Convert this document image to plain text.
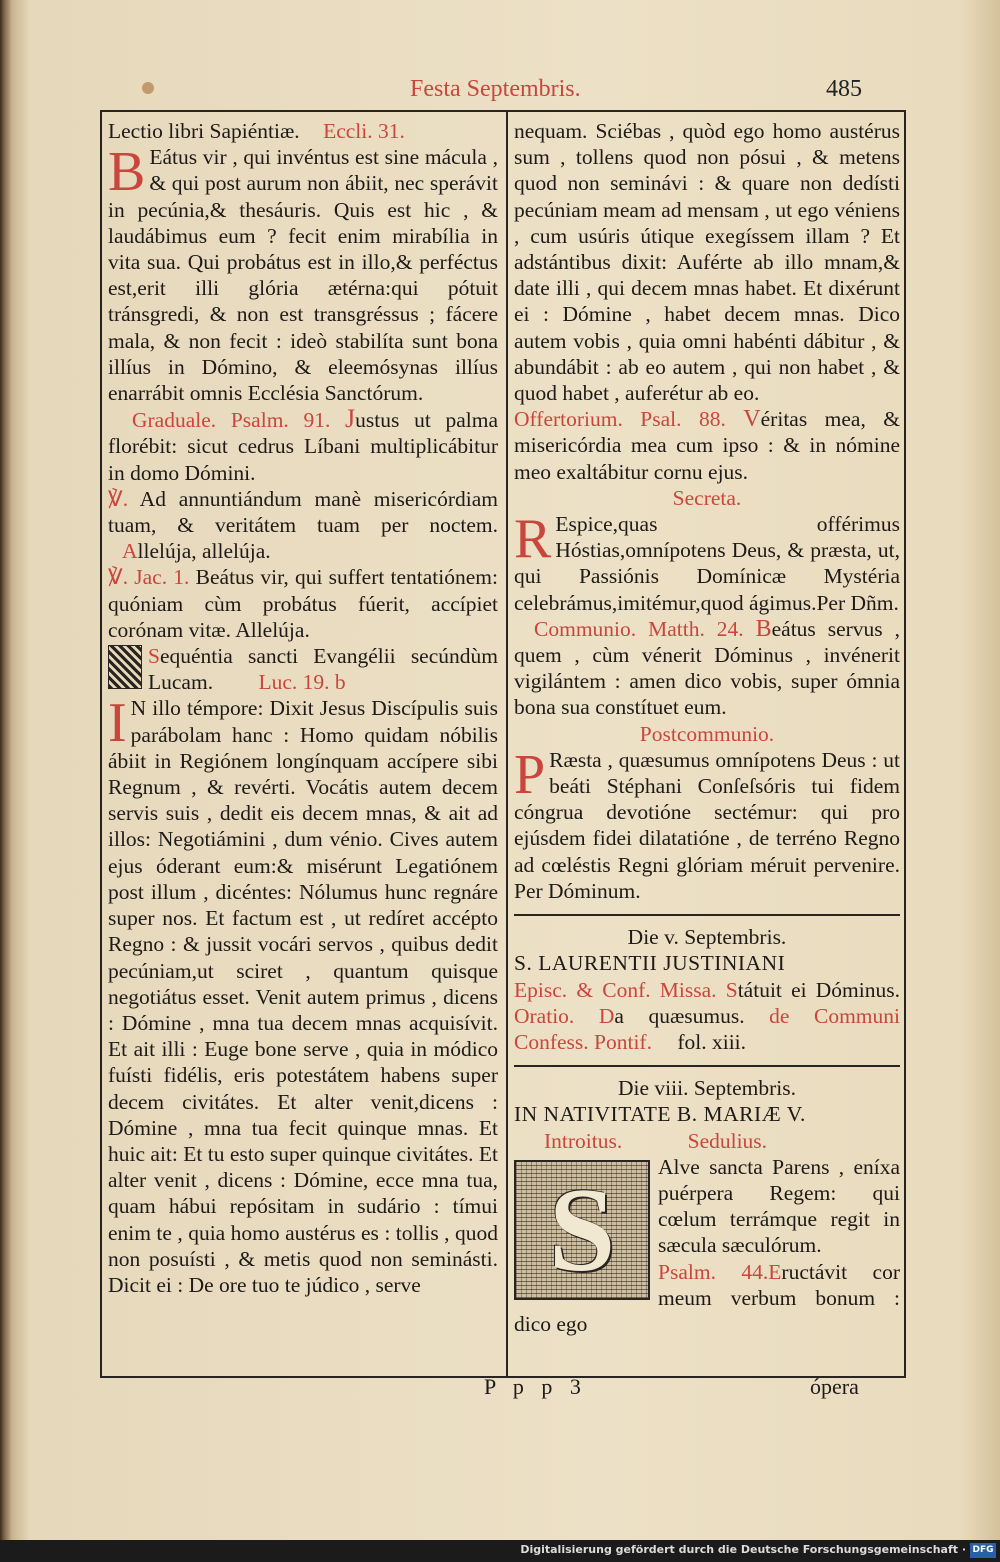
Festa Septembris.	485

Lectio libri Sapiéntiæ. Eccli. 31.

B Eátus vir , qui invéntus est sine mácula , & qui post aurum non ábiit, nec sperávit in pecúnia,& thesáuris. Quis est hic , & laudábimus eum ? fecit enim mirabília in vita sua. Qui probátus est in illo,& perféctus est,erit illi glória ætérna:qui pótuit tránsgredi, & non est transgréssus ; fácere mala, & non fecit : ideò stabilíta sunt bona illíus in Dómino, & eleemósynas illíus enarrábit omnis Ecclésia Sanctórum.

Graduale. Psalm. 91. Justus ut palma florébit: sicut cedrus Líbani multiplicábitur in domo Dómini.

℣. Ad annuntiándum manè misericórdiam tuam, & veritátem tuam per noctem. Allelúja, allelúja.

℣. Jac. 1. Beátus vir, qui suffert tentatiónem: quóniam cùm probátus fúerit, accípiet corónam vitæ. Allelúja.

Sequéntia sancti Evangélii secúndùm Lucam. Luc. 19. b

I N illo témpore: Dixit Jesus Discípulis suis parábolam hanc : Homo quidam nóbilis ábiit in Regiónem longínquam accípere sibi Regnum , & revérti. Vocátis autem decem servis suis , dedit eis decem mnas, & ait ad illos: Negotiámini , dum vénio. Cives autem ejus óderant eum:& misérunt Legatiónem post illum , dicéntes: Nólumus hunc regnáre super nos. Et factum est , ut redíret accépto Regno : & jussit vocári servos , quibus dedit pecúniam,ut sciret , quantum quisque negotiátus esset. Venit autem primus , dicens : Dómine , mna tua decem mnas acquisívit. Et ait illi : Euge bone serve , quia in módico fuísti fidélis, eris potestátem habens super decem civitátes. Et alter venit,dicens : Dómine , mna tua fecit quinque mnas. Et huic ait: Et tu esto super quinque civitátes. Et alter venit , dicens : Dómine, ecce mna tua, quam hábui repósitam in sudário : tímui enim te , quia homo austérus es : tollis , quod non posuísti , & metis quod non seminásti. Dicit ei : De ore tuo te júdico , serve

nequam. Sciébas , quòd ego homo austérus sum , tollens quod non pósui , & metens quod non seminávi : & quare non dedísti pecúniam meam ad mensam , ut ego véniens , cum usúris útique exegíssem illam ? Et adstántibus dixit: Auférte ab illo mnam,& date illi , qui decem mnas habet. Et dixérunt ei : Dómine , habet decem mnas. Dico autem vobis , quia omni habénti dábitur , & abundábit : ab eo autem , qui non habet , & quod habet , auferétur ab eo.

Offertorium. Psal. 88. Véritas mea, & misericórdia mea cum ipso : & in nómine meo exaltábitur cornu ejus.

Secreta.

R Espice,quas offérimus Hóstias,omnípotens Deus, & præsta, ut, qui Passiónis Domínicæ Mystéria celebrámus,imitémur,quod ágimus.Per Dñm.

Communio. Matth. 24. Beátus servus , quem , cùm vénerit Dóminus , invénerit vigilántem : amen dico vobis, super ómnia bona sua constítuet eum.

Postcommunio.

P Ræsta , quæsumus omnípotens Deus : ut beáti Stéphani Conſeſsóris tui fidem cóngrua devotióne sectémur: qui pro ejúsdem fidei dilatatióne , de terréno Regno ad cœléstis Regni glóriam méruit pervenire. Per Dóminum.

Die v. Septembris.

S. LAURENTII JUSTINIANI

Episc. & Conf. Missa. Státuit ei Dóminus. Oratio. Da quæsumus. de Communi Confess. Pontif. fol. xiii.

Die viii. Septembris.

IN NATIVITATE B. MARIÆ V.

Introitus.	Sedulius.

S	Alve sancta Parens , eníxa puérpera Regem: qui cœlum terrámque regit in sæcula sæculórum.
Psalm. 44.Eructávit cor meum verbum bonum : dico ego

P p p 3	ópera
Digitalisierung gefördert durch die Deutsche Forschungsgemeinschaft · DFG
